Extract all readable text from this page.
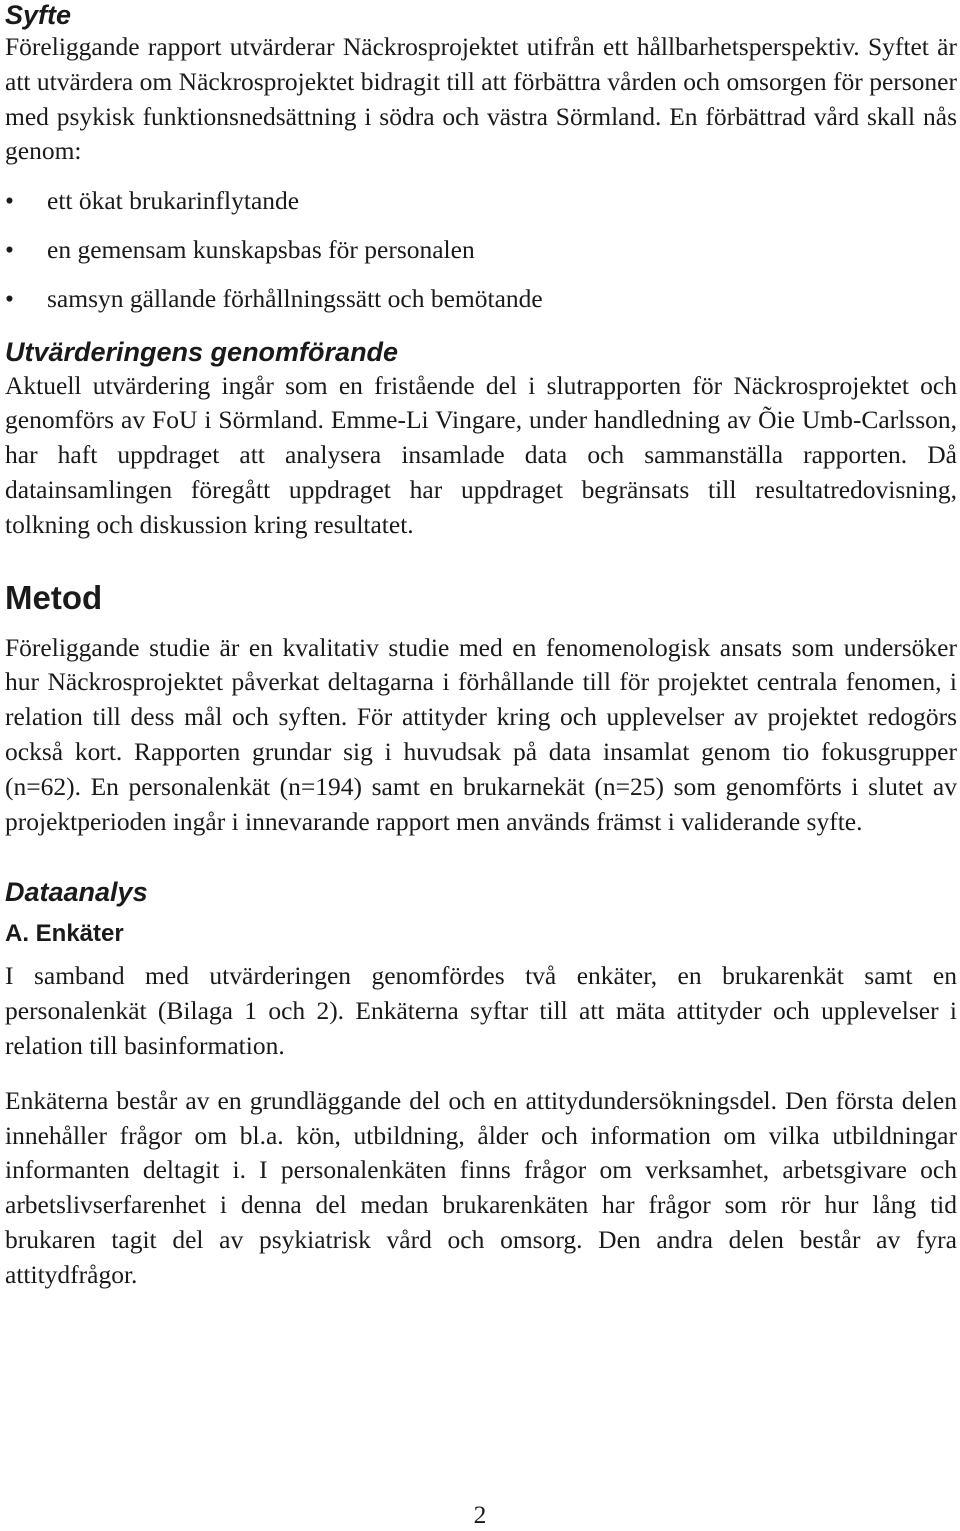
Syfte

Föreliggande rapport utvärderar Näckrosprojektet utifrån ett hållbarhetsperspektiv. Syftet är att utvärdera om Näckrosprojektet bidragit till att förbättra vården och omsorgen för personer med psykisk funktionsnedsättning i södra och västra Sörmland. En förbättrad vård skall nås genom:

• ett ökat brukarinflytande
• en gemensam kunskapsbas för personalen
• samsyn gällande förhållningssätt och bemötande
Utvärderingens genomförande

Aktuell utvärdering ingår som en fristående del i slutrapporten för Näckrosprojektet och genomförs av FoU i Sörmland. Emme-Li Vingare, under handledning av Õie Umb-Carlsson, har haft uppdraget att analysera insamlade data och sammanställa rapporten. Då datainsamlingen föregått uppdraget har uppdraget begränsats till resultatredovisning, tolkning och diskussion kring resultatet.

Metod

Föreliggande studie är en kvalitativ studie med en fenomenologisk ansats som undersöker hur Näckrosprojektet påverkat deltagarna i förhållande till för projektet centrala fenomen, i relation till dess mål och syften. För attityder kring och upplevelser av projektet redogörs också kort. Rapporten grundar sig i huvudsak på data insamlat genom tio fokusgrupper (n=62). En personalenkät (n=194) samt en brukarnekät (n=25) som genomförts i slutet av projektperioden ingår i innevarande rapport men används främst i validerande syfte.

Dataanalys
A. Enkäter

I samband med utvärderingen genomfördes två enkäter, en brukarenkät samt en personalenkät (Bilaga 1 och 2). Enkäterna syftar till att mäta attityder och upplevelser i relation till basinformation.

Enkäterna består av en grundläggande del och en attitydundersökningsdel. Den första delen innehåller frågor om bl.a. kön, utbildning, ålder och information om vilka utbildningar informanten deltagit i. I personalenkäten finns frågor om verksamhet, arbetsgivare och arbetslivserfarenhet i denna del medan brukarenkäten har frågor som rör hur lång tid brukaren tagit del av psykiatrisk vård och omsorg. Den andra delen består av fyra attitydfrågor.

2
